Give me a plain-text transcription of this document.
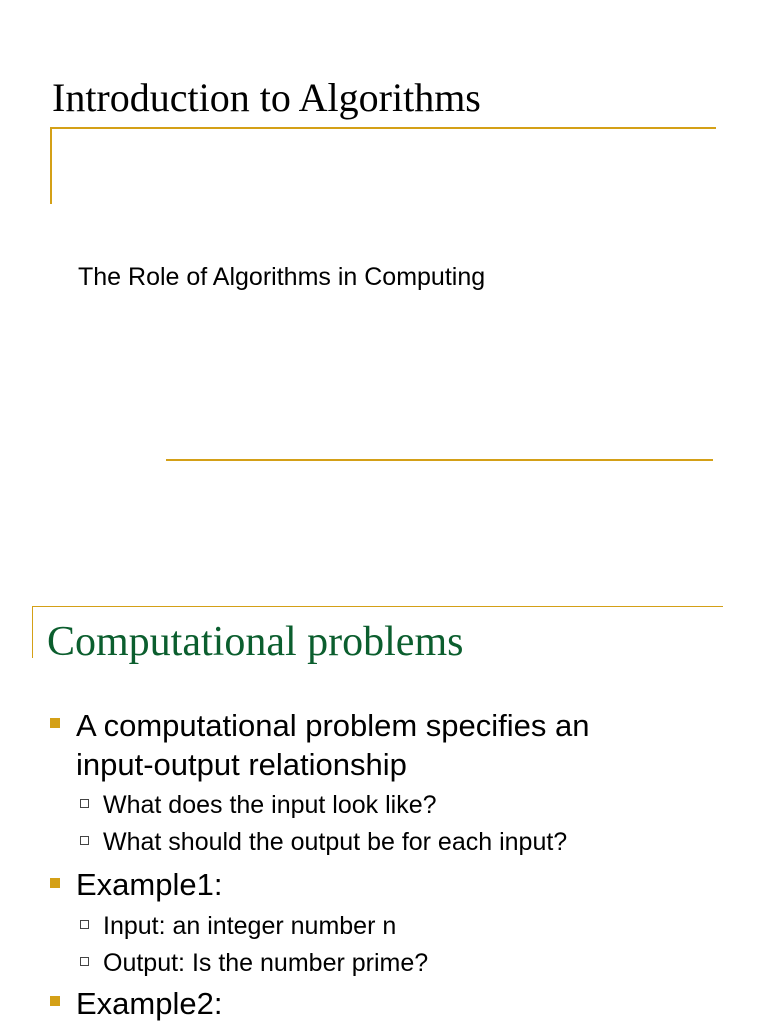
Introduction to Algorithms
The Role of Algorithms in Computing
Computational problems
A computational problem specifies an
input-output relationship
What does the input look like?
What should the output be for each input?
Example1:
Input: an integer number n
Output: Is the number prime?
Example2:
